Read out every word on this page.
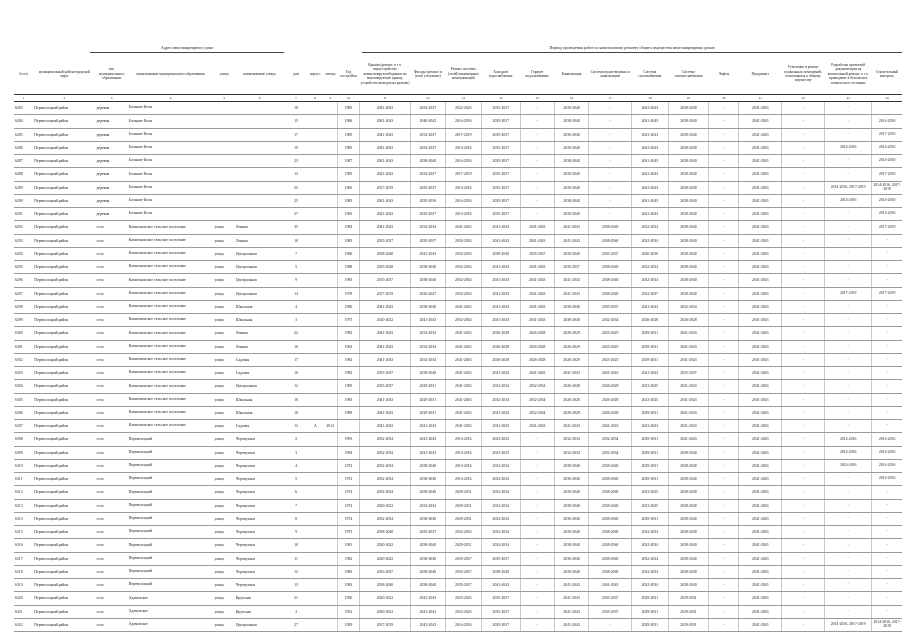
Адрес многоквартирного дома	Период проведения работ по капитальному ремонту общего имущества многоквартирных домов
№ п/п	муниципальный район/городской округ	тип муниципального образования	наименование муниципального образования	улица	наименование улицы	дом	корпус	литера	Год постройки	Крыши (ремонт, в т.ч. переустройство невентилируемой крыши на вентилируемую крышу, устройство выходов на кровлю)	Фасады (ремонт и (или) утепление)	Ремонт системы (сетей) инженерных коммуникаций	Холодное водоснабжение	Горячее водоснабжение	Канализация	Система водоотведения и канализации	Система газоснабжения	Система электроснабжения	Лифты	Фундамент	Утепление и ремонт подвальных помещений, относящихся к общему имуществу	Разработка проектной документации на капитальный ремонт, в т.ч. приведение в безопасное техническое состояние	Строительный контроль
1	2	3	4	5	6	7	8	9	10	11	12	13	14	15	16	17	18	19	20	21	22	23	24
6283	Переволоцкий район	деревня	Большие Козы			18			1985	2041-2043	2032-2037	2022-2025	2035-2037	-	2038-2040	-	2041-2043	2038-2040	-	2041-2043	-	-	
6284	Переволоцкий район	деревня	Большие Козы			15			1986	2041-2043	2040-2042	2014-2016	2035-2037	-	2038-2040	-	2041-2043	2038-2040	-	2041-2043	-	-	2014-2016
6285	Переволоцкий район	деревня	Большие Козы			17			1985	2041-2043	2032-2037	2017-2019	2035-2037	-	2038-2040	-	2041-2043	2038-2040	-	2041-2043	-	-	2017-2019
6286	Переволоцкий район	деревня	Большие Козы			19			1985	2041-2043	2032-2037	2014-2016	2035-2037	-	2038-2040	-	2041-2043	2038-2040	-	2041-2043	-	2014-2016	2014-2016
6287	Переволоцкий район	деревня	Большие Козы			23			1987	2041-2043	2038-2040	2014-2016	2035-2037	-	2038-2040	-	2041-2043	2038-2040	-	2041-2043	-	-	2014-2016
6288	Переволоцкий район	деревня	Большие Козы			13			1985	2041-2043	2032-2037	2017-2019	2035-2037	-	2038-2040	-	2041-2043	2038-2040	-	2041-2043	-	-	2017-2019
6289	Переволоцкий район	деревня	Большие Козы			25			1965	2017-2019	2035-2037	2014-2016	2035-2037	-	2038-2040	-	2041-2043	2038-2040	-	2041-2043	-	2014-2016, 2017-2019	2014-2016, 2017-2019
6290	Переволоцкий район	деревня	Большие Козы			25			1985	2041-2043	2035-2036	2014-2016	2035-2037	-	2038-2040	-	2041-2043	2038-2040	-	2041-2043	-	2014-2016	2014-2016
6291	Переволоцкий район	деревня	Большие Козы			27			1965	2041-2043	2035-2037	2014-2016	2035-2037	-	2038-2040	-	2041-2043	2038-2040	-	2041-2043	-	-	2014-2016
6292	Переволоцкий район	село	Капитоновское сельское поселение	улица	Ленина	35			1984	2041-2043	2032-2034	2041-2043	2041-2043	2041-2043	2041-2043	2038-2040	2032-2034	2038-2040	-	2041-2043	-	-	2017-2019
6293	Переволоцкий район	село	Капитоновское сельское поселение	улица	Ленина	10			1985	2035-2037	2035-2037	2032-2034	2041-2043	2041-2043	2041-2043	2038-2040	2032-2034	2038-2040	-	2041-2043	-	-	-
6294	Переволоцкий район	село	Капитоновское сельское поселение	улица	Центральная	7			1986	2038-2040	2041-2043	2032-2033	2038-2040	2035-2037	2038-2040	2035-2037	2020-2030	2038-2040	-	2041-2043	-	-	-
6295	Переволоцкий район	село	Капитоновское сельское поселение	улица	Центральная	5			1988	2025-2028	2038-2040	2032-2034	2041-2043	2041-2043	2035-2037	2038-2040	2032-2034	2038-2040	-	2041-2043	-	-	-
6296	Переволоцкий район	село	Капитоновское сельское поселение	улица	Центральная	9			1985	2035-2037	2038-2040	2032-2034	2041-2043	2041-2043	2041-2043	2038-2040	2032-2034	2038-2040	-	2041-2043	-	-	-
6297	Переволоцкий район	село	Капитоновское сельское поселение	улица	Центральная	14			1978	2017-2019	2026-2027	2032-2034	2041-2043	2041-2043	2041-2043	2038-2040	2032-2037	2038-2040	-	2041-2043	-	2017-2019	2017-2019
6298	Переволоцкий район	село	Капитоновское сельское поселение	улица	Школьная	4			1980	2041-2043	2038-2040	2041-2043	2041-2043	2041-2043	2038-2040	2035-2037	2041-2043	2032-2034	-	2041-2043	-	-	-
6299	Переволоцкий район	село	Капитоновское сельское поселение	улица	Школьная	3			1975	2020-2022	2041-2043	2032-2034	2041-2043	2041-2043	2038-2040	2032-2034	2026-2028	2026-2028	-	2041-2043	-	-	-
6300	Переволоцкий район	село	Капитоновское сельское поселение	улица	Ленина	22			1982	2041-2043	2032-2034	2041-2043	2026-2028	2026-2028	2026-2029	2023-2025	2029-2031	2041-2043	-	2041-2043	-	-	-
6301	Переволоцкий район	село	Капитоновское сельское поселение	улица	Ленина	16			1963	2041-2043	2032-2034	2041-2043	2026-2028	2026-2028	2026-2029	2023-2025	2029-2031	2041-2043	-	2041-2043	-	-	-
6302	Переволоцкий район	село	Капитоновское сельское поселение	улица	Садовая	17			1982	2041-2043	2032-2034	2041-2043	2026-2028	2026-2028	2026-2029	2023-2025	2029-2031	2041-2043	-	2041-2043	-	-	-
6303	Переволоцкий район	село	Капитоновское сельское поселение	улица	Садовая	16			1982	2035-2037	2038-2040	2041-2043	2041-2043	2041-2043	2041-2043	2041-2043	2041-2043	2035-2037	-	2041-2043	-	-	-
6304	Переволоцкий район	село	Капитоновское сельское поселение	улица	Центральная	12			1985	2035-2037	2029-2031	2041-2043	2032-2034	2032-2034	2026-2028	2026-2028	2023-2025	2041-2043	-	2041-2043	-	-	-
6305	Переволоцкий район	село	Капитоновское сельское поселение	улица	Школьная	10			1985	2041-2043	2029-2031	2041-2043	2032-2034	2032-2034	2026-2028	2026-2028	2023-2025	2041-2043	-	2041-2043	-	-	-
6306	Переволоцкий район	село	Капитоновское сельское поселение	улица	Школьная	18			1989	2041-2043	2029-2031	2041-2043	2041-2043	2032-2034	2026-2028	2026-2028	2029-2031	2041-2043	-	2041-2043	-	-	-
6307	Переволоцкий район	село	Капитоновское сельское поселение	улица	Садовая	13	А	2014		2041-2043	2041-2043	2041-2043	2041-2043	2041-2043	2041-2043	2041-2043	2041-2043	2041-2043	-	2041-2043	-	-	-
6308	Переволоцкий район	село	Переволоцкий	улица	Черемушки	2			1993	2032-2034	2041-2043	2014-2016	2023-2025	-	2032-2034	2032-2034	2029-2031	2041-2043	-	2041-2043	-	2014-2016	2014-2016
6309	Переволоцкий район	село	Переволоцкий	улица	Черемушки	3			1994	2032-2034	2041-2043	2014-2016	2023-2025	-	2032-2034	2032-2034	2029-2031	2038-2040	-	2041-2043	-	2014-2016	2014-2016
6310	Переволоцкий район	село	Переволоцкий	улица	Черемушки	4			1972	2032-2034	2038-2040	2014-2016	2032-2034	-	2038-2040	2038-2040	2029-2031	2038-2040	-	2041-2043	-	2014-2016	2014-2016
6311	Переволоцкий район	село	Переволоцкий	улица	Черемушки	5			1972	2032-2034	2038-2040	2014-2016	2032-2034	-	2038-2040	2038-2040	2029-2031	2038-2040	-	2041-2043	-	-	2014-2016
6312	Переволоцкий район	село	Переволоцкий	улица	Черемушки	6			1974	2032-2034	2038-2040	2029-2031	2032-2034	-	2038-2040	2038-2040	2023-2025	2038-2040	-	2041-2043	-	-	-
6313	Переволоцкий район	село	Переволоцкий	улица	Черемушки	7			1974	2020-2022	2032-2034	2029-2031	2032-2034	-	2038-2040	2038-2040	2023-2025	2038-2040	-	2041-2043	-	-	-
6314	Переволоцкий район	село	Переволоцкий	улица	Черемушки	8			1974	2032-2034	2038-2040	2029-2031	2032-2034	-	2038-2040	2038-2040	2029-2031	2038-2040	-	2041-2043	-	-	-
6315	Переволоцкий район	село	Переволоцкий	улица	Черемушки	9			1975	2038-2040	2035-2037	2032-2034	2032-2034	-	2038-2040	2038-2040	2032-2034	2038-2040	-	2041-2043	-	-	-
6316	Переволоцкий район	село	Переволоцкий	улица	Черемушки	10			1981	2020-2022	2038-2040	2029-2031	2032-2034	-	2038-2040	2038-2040	2032-2034	2038-2040	-	2041-2043	-	-	-
6317	Переволоцкий район	село	Переволоцкий	улица	Черемушки	11			1982	2020-2022	2038-2040	2035-2037	2035-2037	-	2038-2040	2038-2040	2032-2034	2038-2040	-	2041-2043	-	-	-
6318	Переволоцкий район	село	Переволоцкий	улица	Черемушки	12			1983	2035-2037	2038-2040	2035-2037	2038-2040	-	2038-2040	2038-2040	2032-2034	2038-2040	-	2041-2043	-	-	-
6319	Переволоцкий район	село	Переволоцкий	улица	Черемушки	13			1992	2038-2040	2038-2040	2035-2037	2041-2043	-	2041-2043	2041-2043	2032-2034	2038-2040	-	2041-2043	-	-	-
6320	Переволоцкий район	село	Адамовское	улица	Крупская	21			1950	2020-2022	2041-2043	2023-2025	2035-2037	-	2041-2043	2035-2037	2029-2031	2029-2031	-	2041-2043	-	-	-
6321	Переволоцкий район	село	Адамовское	улица	Крупская	3			1952	2020-2022	2041-2043	2023-2025	2035-2037	-	2041-2043	2035-2037	2029-2031	2029-2031	-	2041-2043	-	-	-
6322	Переволоцкий район	село	Адамовское	улица	Центральная	27			1959	2017-2019	2041-2043	2014-2016	2035-2037	-	2041-2043	-	2029-2031	2029-2031	-	2041-2043	-	2014-2016, 2017-2019	2014-2016, 2017-2019
